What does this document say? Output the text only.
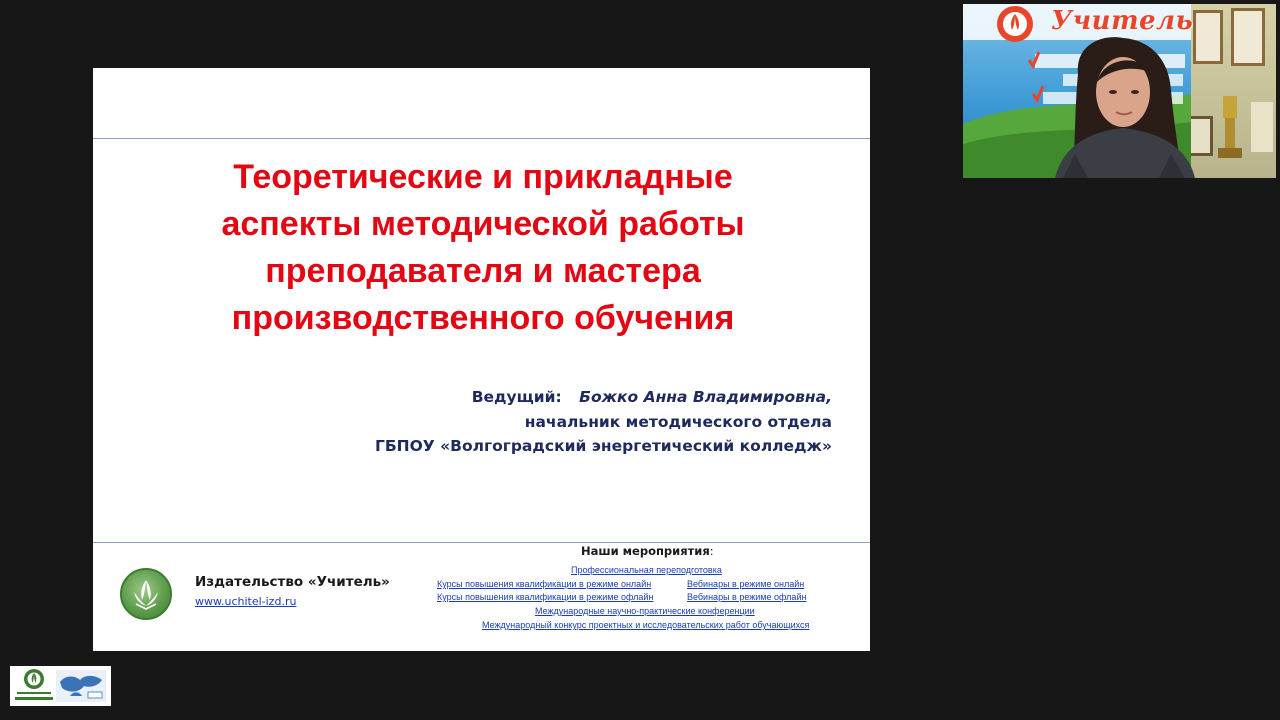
Теоретические и прикладные
аспекты методической работы
преподавателя и мастера
производственного обучения
Ведущий: Божко Анна Владимировна,
начальник методического отдела
ГБПОУ «Волгоградский энергетический колледж»
Издательство «Учитель»
www.uchitel-izd.ru
Наши мероприятия:
Профессиональная переподготовка
Курсы повышения квалификации в режиме онлайн	Вебинары в режиме онлайн
Курсы повышения квалификации в режиме офлайн	Вебинары в режиме офлайн
Международные научно-практические конференции
Международный конкурс проектных и исследовательских работ обучающихся
Учитель
